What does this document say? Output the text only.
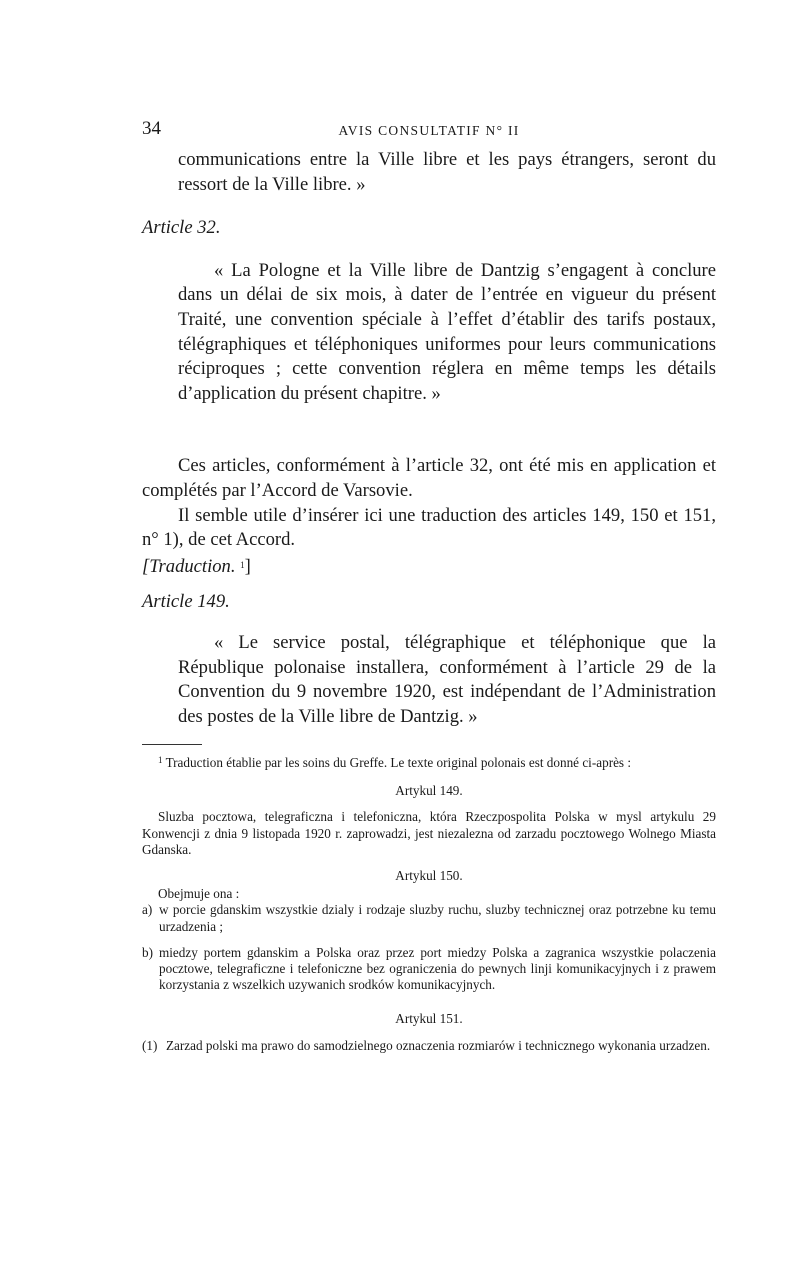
34	AVIS CONSULTATIF N° II

communications entre la Ville libre et les pays étrangers, seront du ressort de la Ville libre. »

Article 32.

« La Pologne et la Ville libre de Dantzig s’engagent à conclure dans un délai de six mois, à dater de l’entrée en vigueur du présent Traité, une convention spéciale à l’effet d’établir des tarifs postaux, télégraphiques et téléphoniques uniformes pour leurs communications réciproques ; cette convention réglera en même temps les détails d’application du présent chapitre. »

Ces articles, conformément à l’article 32, ont été mis en application et complétés par l’Accord de Varsovie.

Il semble utile d’insérer ici une traduction des articles 149, 150 et 151, n° 1), de cet Accord.

[Traduction. $^1$]

Article 149.

« Le service postal, télégraphique et téléphonique que la République polonaise installera, conformément à l’article 29 de la Convention du 9 novembre 1920, est indépendant de l’Administration des postes de la Ville libre de Dantzig. »

$^1$ Traduction établie par les soins du Greffe. Le texte original polonais est donné ci-après :

Artykul 149.

Sluzba pocztowa, telegraficzna i telefoniczna, która Rzeczpospolita Polska w mysl artykulu 29 Konwencji z dnia 9 listopada 1920 r. zaprowadzi, jest niezalezna od zarzadu pocztowego Wolnego Miasta Gdanska.

Artykul 150.

Obejmuje ona :

a) w porcie gdanskim wszystkie dzialy i rodzaje sluzby ruchu, sluzby technicznej oraz potrzebne ku temu urzadzenia ;
b) miedzy portem gdanskim a Polska oraz przez port miedzy Polska a zagranica wszystkie polaczenia pocztowe, telegraficzne i telefoniczne bez ograniczenia do pewnych linji komunikacyjnych i z prawem korzystania z wszelkich uzywanich srodków komunikacyjnych.

Artykul 151.

(1) Zarzad polski ma prawo do samodzielnego oznaczenia rozmiarów i technicznego wykonania urzadzen.
